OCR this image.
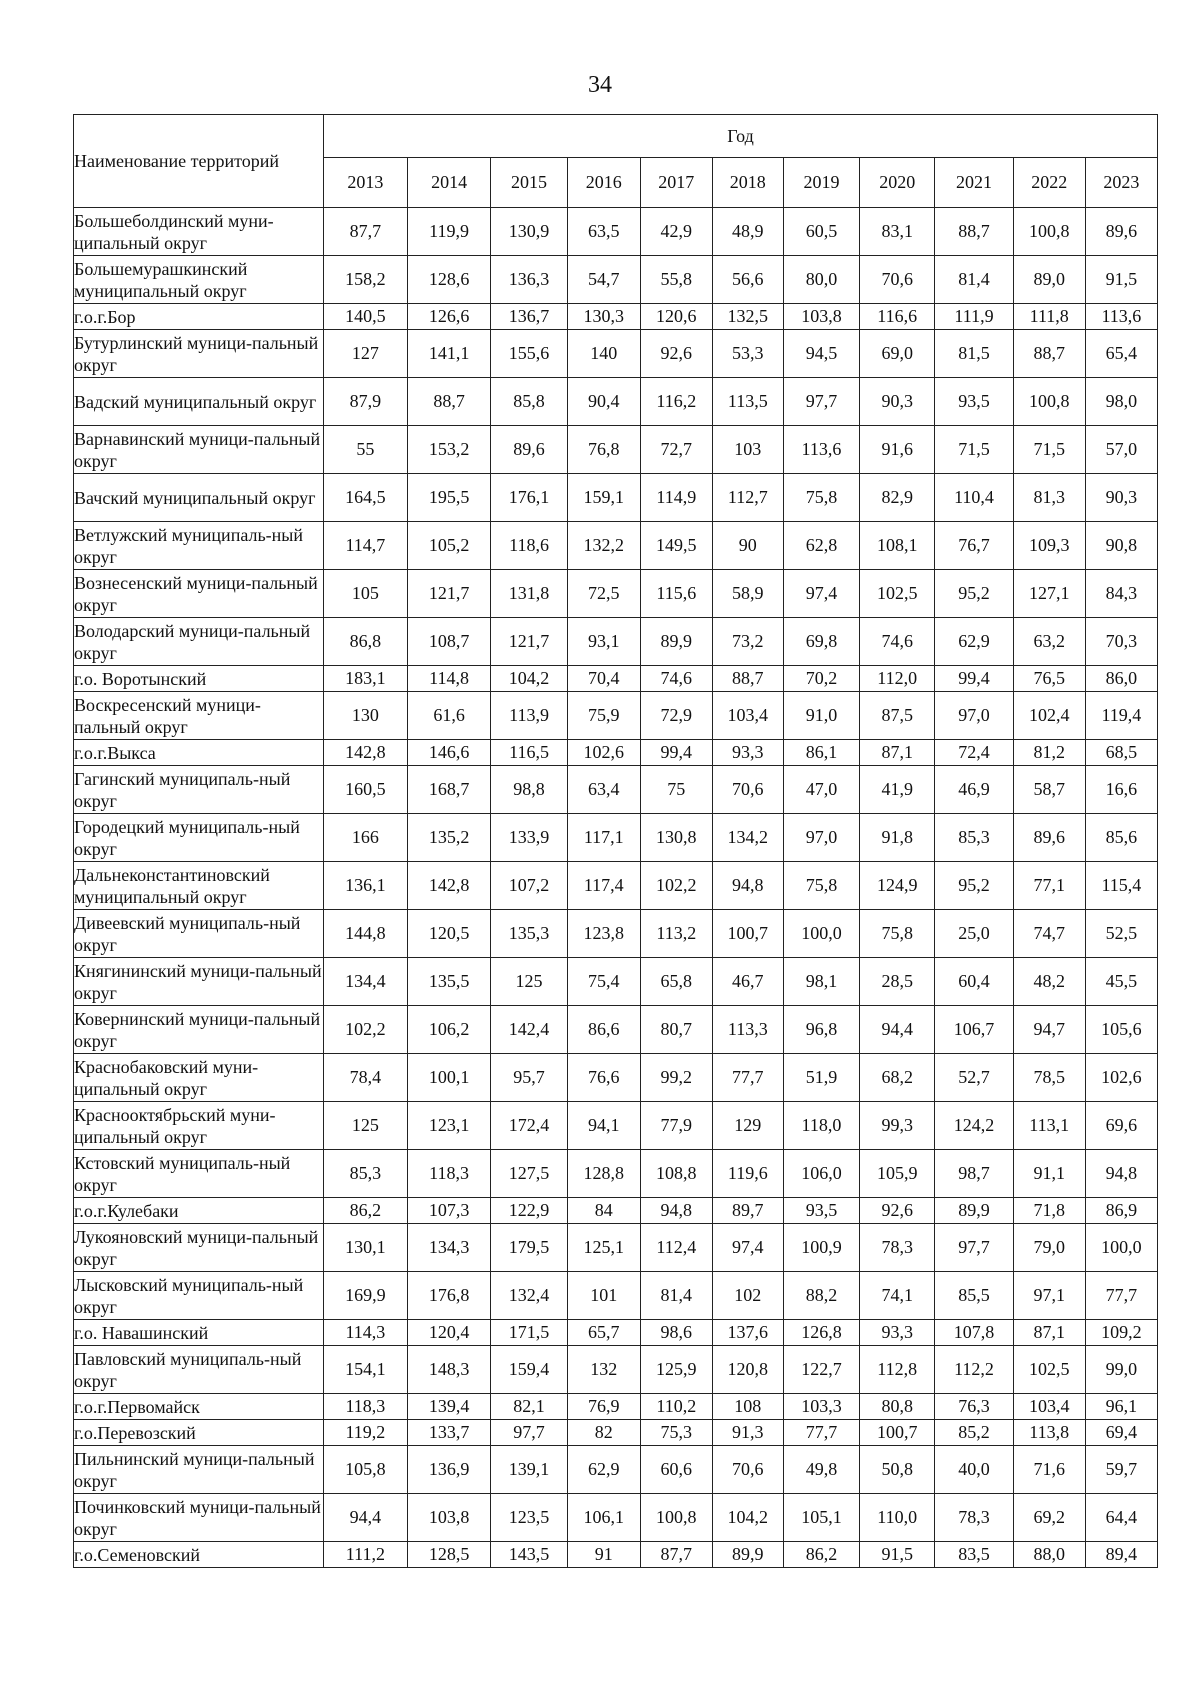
34
Наименование территорий	Год										
	2013	2014	2015	2016	2017	2018	2019	2020	2021	2022	2023
Большеболдинский муни-ципальный округ	87,7	119,9	130,9	63,5	42,9	48,9	60,5	83,1	88,7	100,8	89,6
Большемурашкинский муниципальный округ	158,2	128,6	136,3	54,7	55,8	56,6	80,0	70,6	81,4	89,0	91,5
г.о.г.Бор	140,5	126,6	136,7	130,3	120,6	132,5	103,8	116,6	111,9	111,8	113,6
Бутурлинский муници-пальный округ	127	141,1	155,6	140	92,6	53,3	94,5	69,0	81,5	88,7	65,4
Вадский муниципальный округ	87,9	88,7	85,8	90,4	116,2	113,5	97,7	90,3	93,5	100,8	98,0
Варнавинский муници-пальный округ	55	153,2	89,6	76,8	72,7	103	113,6	91,6	71,5	71,5	57,0
Вачский муниципальный округ	164,5	195,5	176,1	159,1	114,9	112,7	75,8	82,9	110,4	81,3	90,3
Ветлужский муниципаль-ный округ	114,7	105,2	118,6	132,2	149,5	90	62,8	108,1	76,7	109,3	90,8
Вознесенский муници-пальный округ	105	121,7	131,8	72,5	115,6	58,9	97,4	102,5	95,2	127,1	84,3
Володарский муници-пальный округ	86,8	108,7	121,7	93,1	89,9	73,2	69,8	74,6	62,9	63,2	70,3
г.о. Воротынский	183,1	114,8	104,2	70,4	74,6	88,7	70,2	112,0	99,4	76,5	86,0
Воскресенский муници-пальный округ	130	61,6	113,9	75,9	72,9	103,4	91,0	87,5	97,0	102,4	119,4
г.о.г.Выкса	142,8	146,6	116,5	102,6	99,4	93,3	86,1	87,1	72,4	81,2	68,5
Гагинский муниципаль-ный округ	160,5	168,7	98,8	63,4	75	70,6	47,0	41,9	46,9	58,7	16,6
Городецкий муниципаль-ный округ	166	135,2	133,9	117,1	130,8	134,2	97,0	91,8	85,3	89,6	85,6
Дальнеконстантиновский муниципальный округ	136,1	142,8	107,2	117,4	102,2	94,8	75,8	124,9	95,2	77,1	115,4
Дивеевский муниципаль-ный округ	144,8	120,5	135,3	123,8	113,2	100,7	100,0	75,8	25,0	74,7	52,5
Княгининский муници-пальный округ	134,4	135,5	125	75,4	65,8	46,7	98,1	28,5	60,4	48,2	45,5
Ковернинский муници-пальный округ	102,2	106,2	142,4	86,6	80,7	113,3	96,8	94,4	106,7	94,7	105,6
Краснобаковский муни-ципальный округ	78,4	100,1	95,7	76,6	99,2	77,7	51,9	68,2	52,7	78,5	102,6
Краснооктябрьский муни-ципальный округ	125	123,1	172,4	94,1	77,9	129	118,0	99,3	124,2	113,1	69,6
Кстовский муниципаль-ный округ	85,3	118,3	127,5	128,8	108,8	119,6	106,0	105,9	98,7	91,1	94,8
г.о.г.Кулебаки	86,2	107,3	122,9	84	94,8	89,7	93,5	92,6	89,9	71,8	86,9
Лукояновский муници-пальный округ	130,1	134,3	179,5	125,1	112,4	97,4	100,9	78,3	97,7	79,0	100,0
Лысковский муниципаль-ный округ	169,9	176,8	132,4	101	81,4	102	88,2	74,1	85,5	97,1	77,7
г.о. Навашинский	114,3	120,4	171,5	65,7	98,6	137,6	126,8	93,3	107,8	87,1	109,2
Павловский муниципаль-ный округ	154,1	148,3	159,4	132	125,9	120,8	122,7	112,8	112,2	102,5	99,0
г.о.г.Первомайск	118,3	139,4	82,1	76,9	110,2	108	103,3	80,8	76,3	103,4	96,1
г.о.Перевозский	119,2	133,7	97,7	82	75,3	91,3	77,7	100,7	85,2	113,8	69,4
Пильнинский муници-пальный округ	105,8	136,9	139,1	62,9	60,6	70,6	49,8	50,8	40,0	71,6	59,7
Починковский муници-пальный округ	94,4	103,8	123,5	106,1	100,8	104,2	105,1	110,0	78,3	69,2	64,4
г.о.Семеновский	111,2	128,5	143,5	91	87,7	89,9	86,2	91,5	83,5	88,0	89,4
